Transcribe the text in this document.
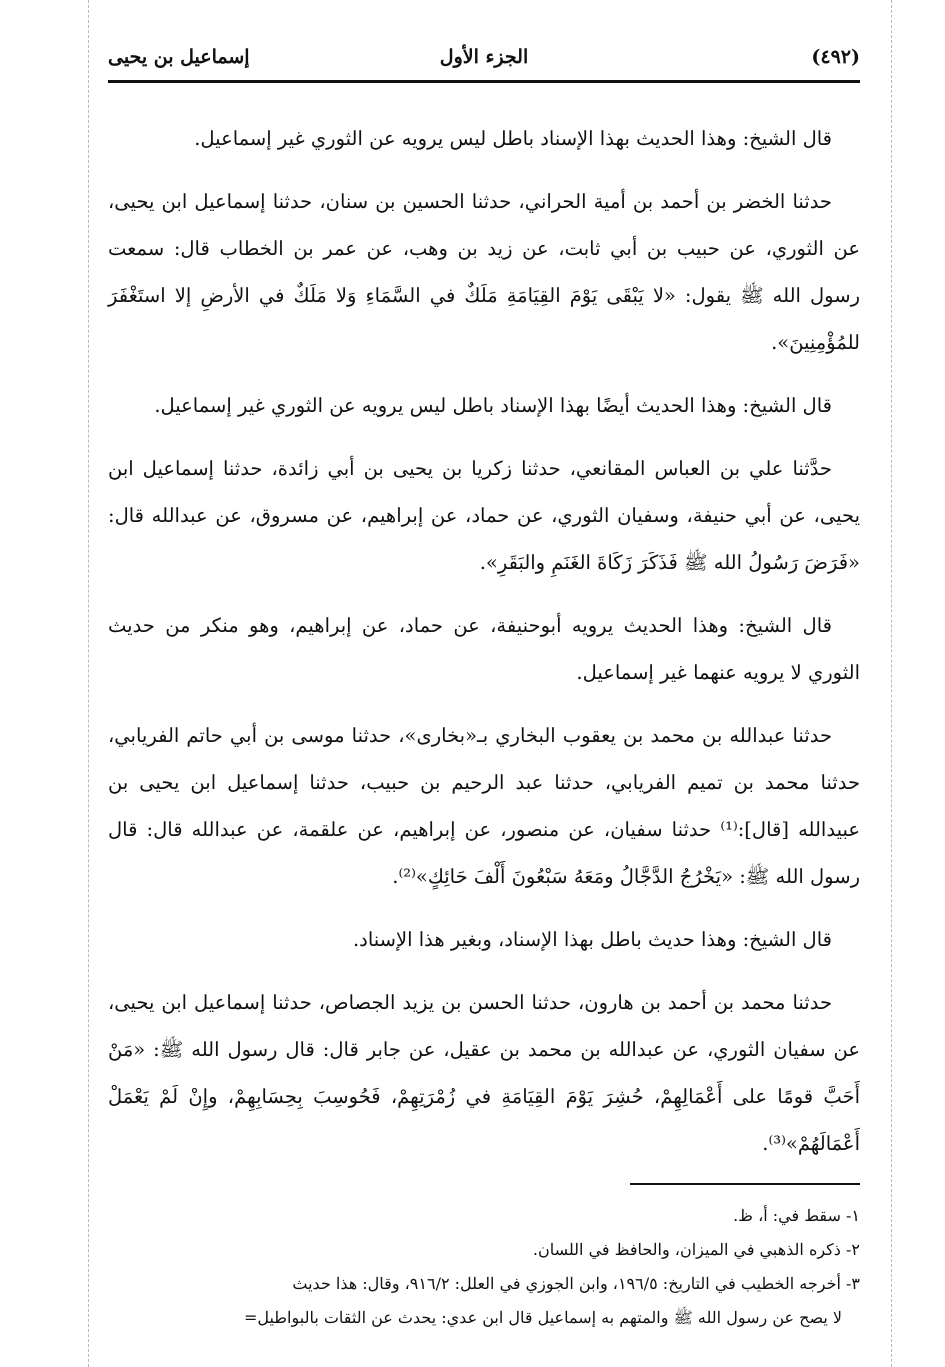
(٤٩٢)
الجزء الأول
إسماعيل بن يحيى

قال الشيخ: وهذا الحديث بهذا الإسناد باطل ليس يرويه عن الثوري غير إسماعيل.

حدثنا الخضر بن أحمد بن أمية الحراني، حدثنا الحسين بن سنان، حدثنا إسماعيل ابن يحيى، عن الثوري، عن حبيب بن أبي ثابت، عن زيد بن وهب، عن عمر بن الخطاب قال: سمعت رسول الله ﷺ يقول: «لا يَبْقَى يَوْمَ القِيَامَةِ مَلَكٌ في السَّمَاءِ وَلا مَلَكٌ في الأرضِ إلا استَغْفَرَ للمُؤْمِنِينَ».

قال الشيخ: وهذا الحديث أيضًا بهذا الإسناد باطل ليس يرويه عن الثوري غير إسماعيل.

حدَّثنا علي بن العباس المقانعي، حدثنا زكريا بن يحيى بن أبي زائدة، حدثنا إسماعيل ابن يحيى، عن أبي حنيفة، وسفيان الثوري، عن حماد، عن إبراهيم، عن مسروق، عن عبدالله قال: «فَرَضَ رَسُولُ الله ﷺ فَذَكَرَ زَكَاةَ الغَنَمِ والبَقَرِ».

قال الشيخ: وهذا الحديث يرويه أبوحنيفة، عن حماد، عن إبراهيم، وهو منكر من حديث الثوري لا يرويه عنهما غير إسماعيل.

حدثنا عبدالله بن محمد بن يعقوب البخاري بـ«بخارى»، حدثنا موسى بن أبي حاتم الفريابي، حدثنا محمد بن تميم الفريابي، حدثنا عبد الرحيم بن حبيب، حدثنا إسماعيل ابن يحيى بن عبيدالله [قال]:⁽¹⁾ حدثنا سفيان، عن منصور، عن إبراهيم، عن علقمة، عن عبدالله قال: قال رسول الله ﷺ: «يَخْرُجُ الدَّجَّالُ ومَعَهُ سَبْعُونَ أَلْفَ حَائِكٍ»⁽²⁾.

قال الشيخ: وهذا حديث باطل بهذا الإسناد، وبغير هذا الإسناد.

حدثنا محمد بن أحمد بن هارون، حدثنا الحسن بن يزيد الجصاص، حدثنا إسماعيل ابن يحيى، عن سفيان الثوري، عن عبدالله بن محمد بن عقيل، عن جابر قال: قال رسول الله ﷺ: «مَنْ أَحَبَّ قومًا على أَعْمَالِهِمْ، حُشِرَ يَوْمَ القِيَامَةِ في زُمْرَتِهِمْ، فَحُوسِبَ بِحِسَابِهِمْ، وإِنْ لَمْ يَعْمَلْ أَعْمَالَهُمْ»⁽³⁾.

١- سقط في: أ، ظ.

٢- ذكره الذهبي في الميزان، والحافظ في اللسان.

٣- أخرجه الخطيب في التاريخ: ١٩٦/٥، وابن الجوزي في العلل: ٩١٦/٢، وقال: هذا حديث

لا يصح عن رسول الله ﷺ والمتهم به إسماعيل قال ابن عدي: يحدث عن الثقات بالبواطيل=
